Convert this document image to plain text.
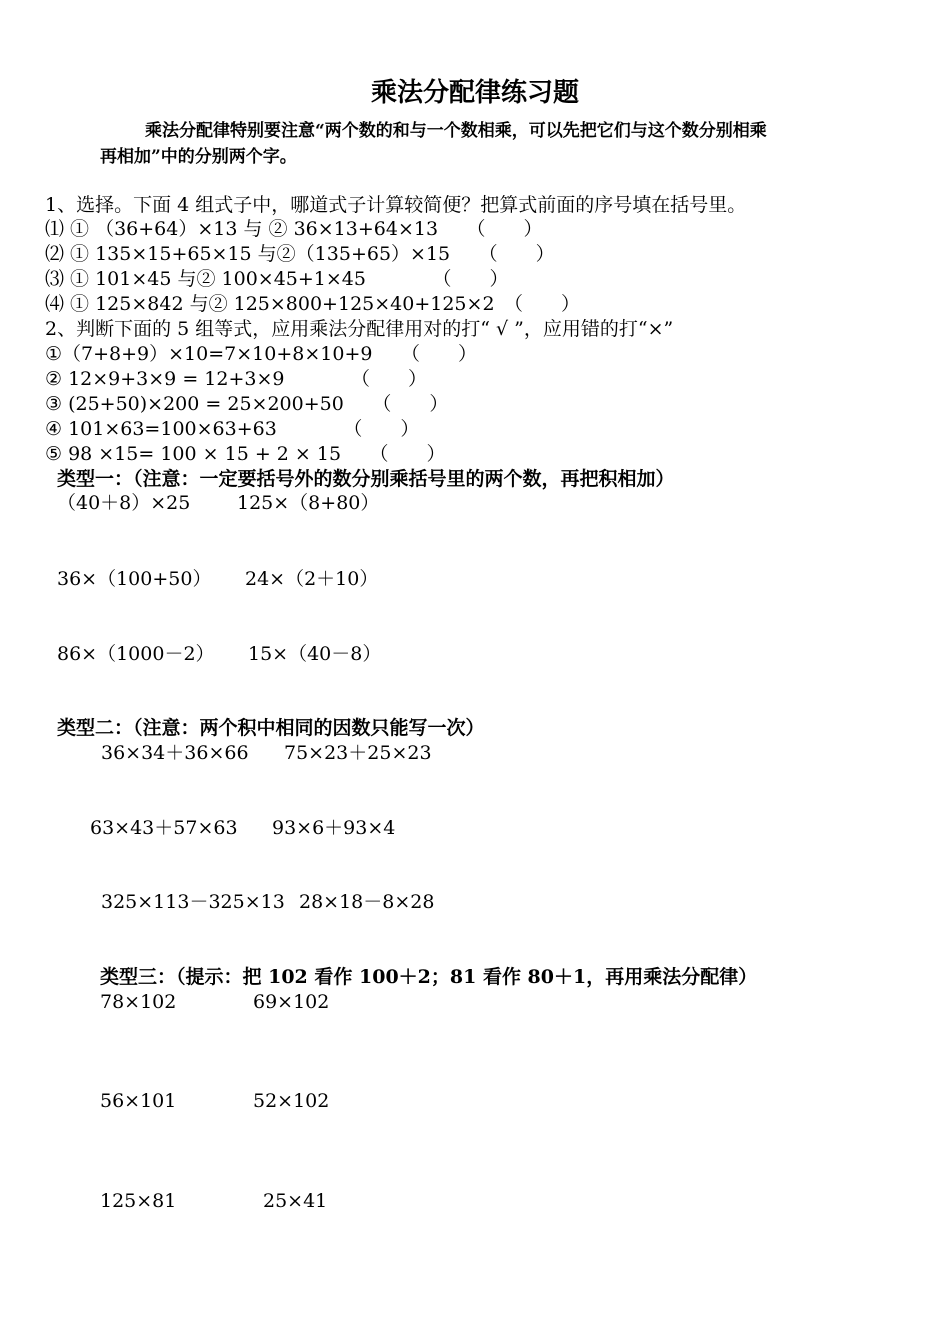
乘法分配律练习题

乘法分配律特别要注意“两个数的和与一个数相乘，可以先把它们与这个数分别相乘

再相加”中的分别两个字。

1、选择。下面 4 组式子中，哪道式子计算较简便？把算式前面的序号填在括号里。

⑴ ① （36+64）×13 与 ② 36×13+64×13　　（　　）

⑵ ① 135×15+65×15 与②（135+65）×15　　（　　）

⑶ ① 101×45 与② 100×45+1×45　　　　（　　）

⑷ ① 125×842 与② 125×800+125×40+125×2　（　　）

2、判断下面的 5 组等式，应用乘法分配律用对的打“ √ ”，应用错的打“×”

①（7+8+9）×10=7×10+8×10+9　　（　　）

② 12×9+3×9 = 12+3×9　　　　（　　）

③ (25+50)×200 = 25×200+50　　（　　）

④ 101×63=100×63+63　　　　（　　）

⑤ 98 ×15= 100 × 15 + 2 × 15　　（　　）

类型一：（注意：一定要括号外的数分别乘括号里的两个数，再把积相加）

（40＋8）×25 125×（8+80）

36×（100+50） 24×（2＋10）

86×（1000－2） 15×（40－8）

类型二：（注意：两个积中相同的因数只能写一次）

36×34＋36×66 75×23＋25×23

63×43＋57×63 93×6＋93×4

325×113－325×13 28×18－8×28

类型三：（提示：把 102 看作 100＋2；81 看作 80＋1，再用乘法分配律）

78×102	69×102

56×101	52×102

125×81	25×41
